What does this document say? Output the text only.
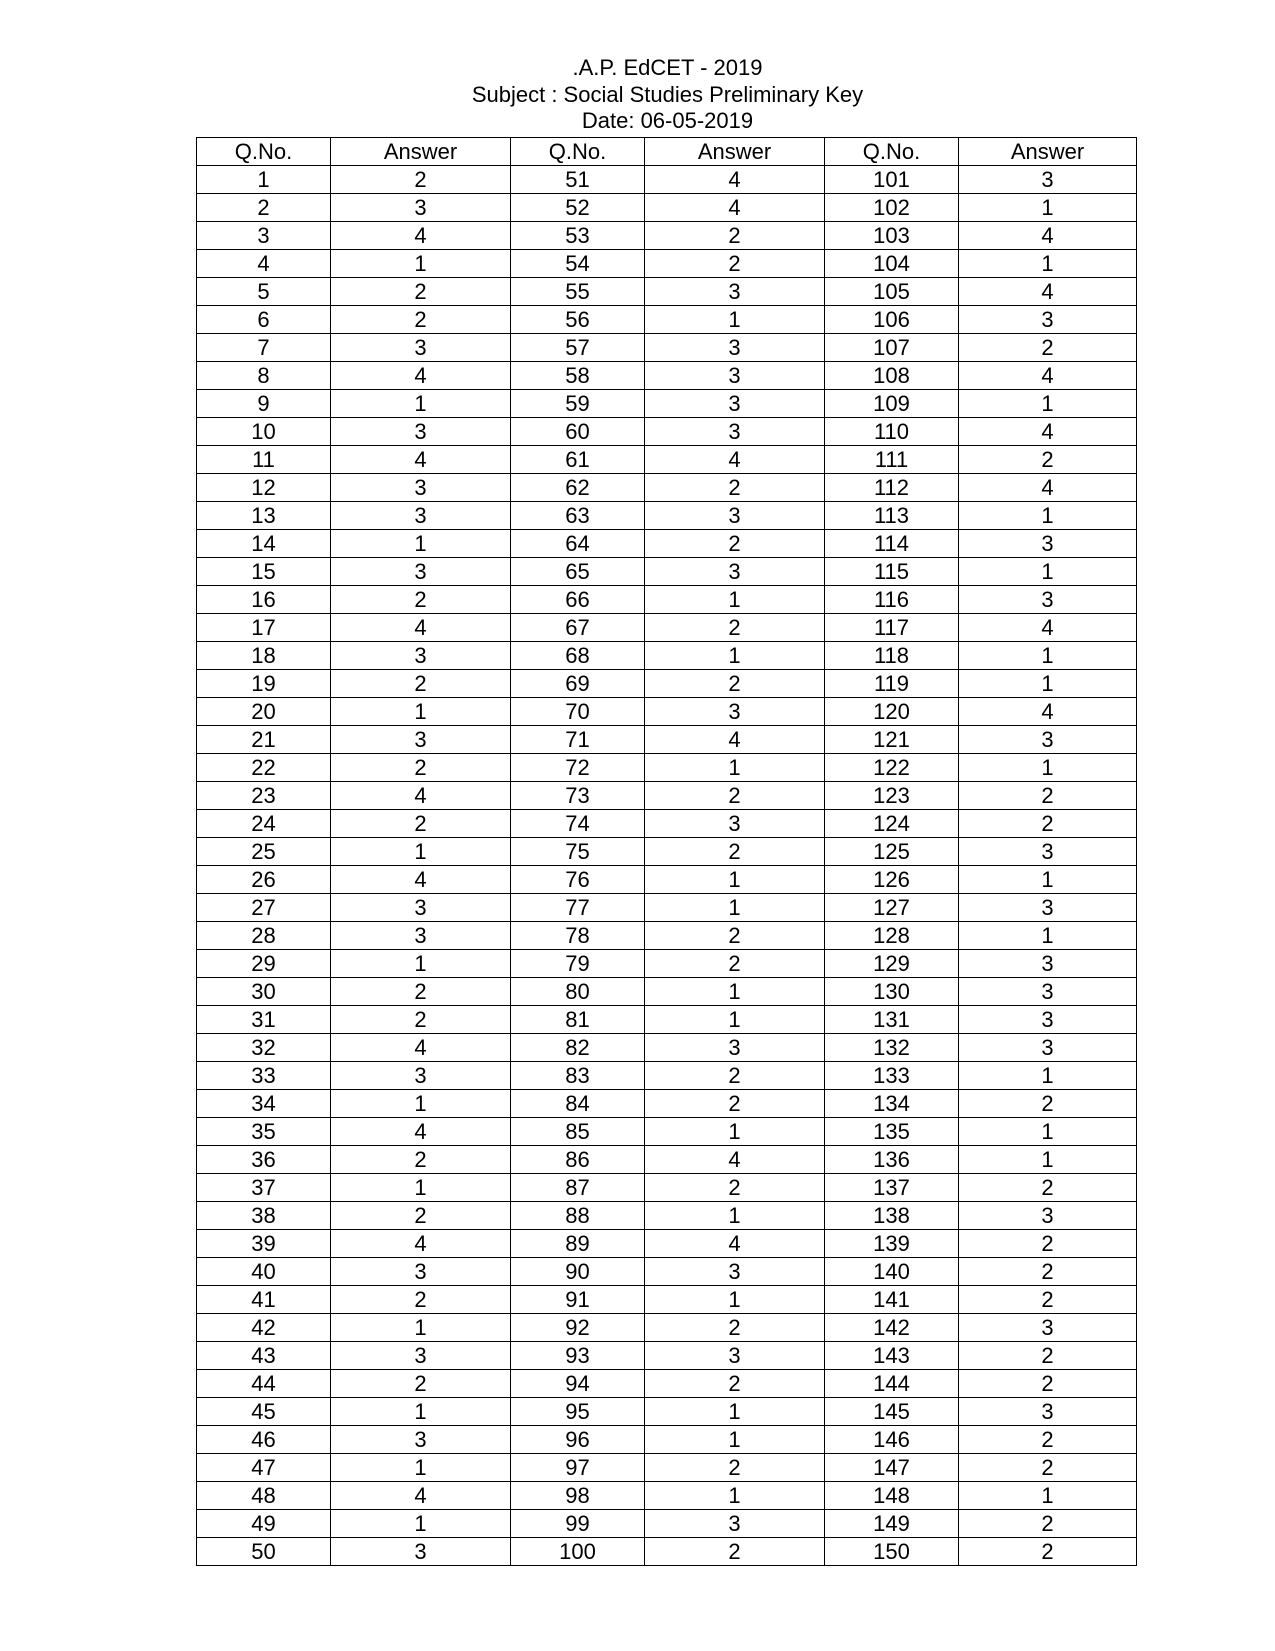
.A.P. EdCET - 2019
Subject : Social Studies Preliminary Key
Date: 06-05-2019
Q.No.	Answer	Q.No.	Answer	Q.No.	Answer
1	2	51	4	101	3
2	3	52	4	102	1
3	4	53	2	103	4
4	1	54	2	104	1
5	2	55	3	105	4
6	2	56	1	106	3
7	3	57	3	107	2
8	4	58	3	108	4
9	1	59	3	109	1
10	3	60	3	110	4
11	4	61	4	111	2
12	3	62	2	112	4
13	3	63	3	113	1
14	1	64	2	114	3
15	3	65	3	115	1
16	2	66	1	116	3
17	4	67	2	117	4
18	3	68	1	118	1
19	2	69	2	119	1
20	1	70	3	120	4
21	3	71	4	121	3
22	2	72	1	122	1
23	4	73	2	123	2
24	2	74	3	124	2
25	1	75	2	125	3
26	4	76	1	126	1
27	3	77	1	127	3
28	3	78	2	128	1
29	1	79	2	129	3
30	2	80	1	130	3
31	2	81	1	131	3
32	4	82	3	132	3
33	3	83	2	133	1
34	1	84	2	134	2
35	4	85	1	135	1
36	2	86	4	136	1
37	1	87	2	137	2
38	2	88	1	138	3
39	4	89	4	139	2
40	3	90	3	140	2
41	2	91	1	141	2
42	1	92	2	142	3
43	3	93	3	143	2
44	2	94	2	144	2
45	1	95	1	145	3
46	3	96	1	146	2
47	1	97	2	147	2
48	4	98	1	148	1
49	1	99	3	149	2
50	3	100	2	150	2
